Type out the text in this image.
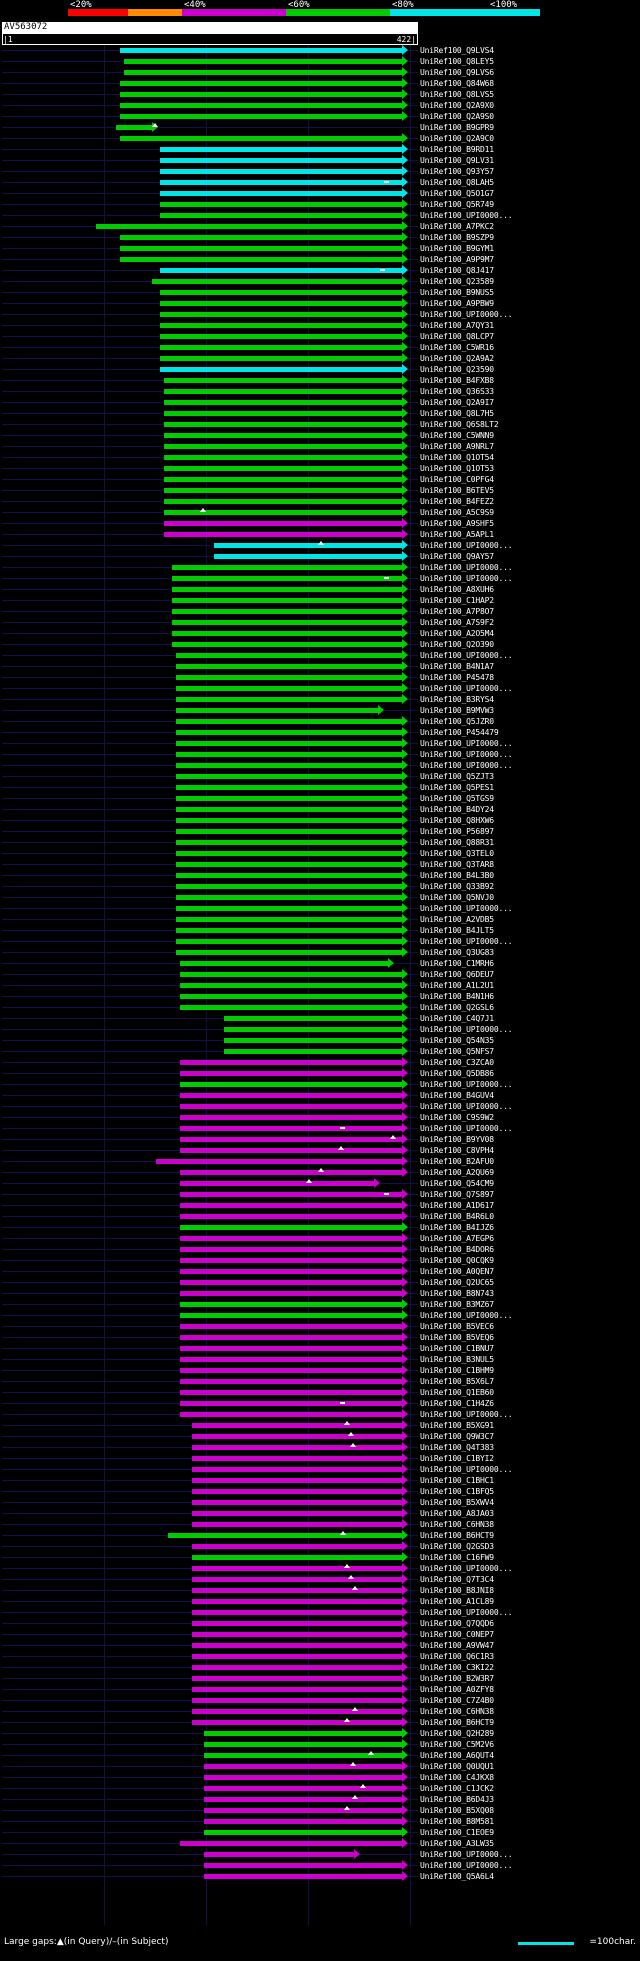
<20%	<40%	<60%	<80%	<100%
AV563072
|1	422|
UniRef100_Q9LVS4
UniRef100_Q8LEY5
UniRef100_Q9LVS6
UniRef100_Q84W68
UniRef100_Q8LVS5
UniRef100_Q2A9X0
UniRef100_Q2A9S0
UniRef100_B9GPR9
UniRef100_Q2A9C0
UniRef100_B9RD11
UniRef100_Q9LV31
UniRef100_Q93Y57
UniRef100_Q8LAH5
UniRef100_Q5O1G7
UniRef100_Q5R749
UniRef100_UPI0000...
UniRef100_A7PKC2
UniRef100_B9SZP9
UniRef100_B9GYM1
UniRef100_A9P9M7
UniRef100_Q8J417
UniRef100_Q23589
UniRef100_B9NUS5
UniRef100_A9PBW9
UniRef100_UPI0000...
UniRef100_A7QY31
UniRef100_Q8LCP7
UniRef100_C5WR16
UniRef100_Q2A9A2
UniRef100_Q23590
UniRef100_B4FXB8
UniRef100_Q36S33
UniRef100_Q2A9I7
UniRef100_Q8L7H5
UniRef100_Q6S8LT2
UniRef100_C5WNN9
UniRef100_A9NRL7
UniRef100_Q1OT54
UniRef100_Q1OT53
UniRef100_C0PFG4
UniRef100_B6TEV5
UniRef100_B4FEZ2
UniRef100_A5C9S9
UniRef100_A9SHF5
UniRef100_A5APL1
UniRef100_UPI0000...
UniRef100_Q9AY57
UniRef100_UPI0000...
UniRef100_UPI0000...
UniRef100_A8XUH6
UniRef100_C1HAP2
UniRef100_A7P8O7
UniRef100_A7S9F2
UniRef100_A2O5M4
UniRef100_Q2O390
UniRef100_UPI0000...
UniRef100_B4N1A7
UniRef100_P45478
UniRef100_UPI0000...
UniRef100_B3RYS4
UniRef100_B9MVW3
UniRef100_Q5JZR0
UniRef100_P454479
UniRef100_UPI0000...
UniRef100_UPI0000...
UniRef100_UPI0000...
UniRef100_Q5ZJT3
UniRef100_Q5PES1
UniRef100_Q5TGS9
UniRef100_B4DY24
UniRef100_Q8HXW6
UniRef100_P56897
UniRef100_Q88R31
UniRef100_Q3TEL0
UniRef100_Q3TAR8
UniRef100_B4L3B0
UniRef100_Q33B92
UniRef100_Q5NVJ0
UniRef100_UPI0000...
UniRef100_A2VDB5
UniRef100_B4JLT5
UniRef100_UPI0000...
UniRef100_Q3UG83
UniRef100_C1MRH6
UniRef100_Q6DEU7
UniRef100_A1L2U1
UniRef100_B4N1H6
UniRef100_Q2GSL6
UniRef100_C4Q7J1
UniRef100_UPI0000...
UniRef100_Q54N35
UniRef100_Q5NFS7
UniRef100_C3ZCA0
UniRef100_Q5DB86
UniRef100_UPI0000...
UniRef100_B4GUV4
UniRef100_UPI0000...
UniRef100_C9S9W2
UniRef100_UPI0000...
UniRef100_B9YV08
UniRef100_C8VPH4
UniRef100_B2AFU0
UniRef100_A2QU69
UniRef100_Q54CM9
UniRef100_Q7S897
UniRef100_A1D617
UniRef100_B4R6L0
UniRef100_B4IJZ6
UniRef100_A7EGP6
UniRef100_B4DOR6
UniRef100_Q0CQK9
UniRef100_A0QEN7
UniRef100_Q2UC65
UniRef100_B8N743
UniRef100_B3MZ67
UniRef100_UPI0000...
UniRef100_B5VEC6
UniRef100_B5VEQ6
UniRef100_C1BNU7
UniRef100_B3NUL5
UniRef100_C1BHM9
UniRef100_B5X6L7
UniRef100_Q1EB60
UniRef100_C1H4Z6
UniRef100_UPI0000...
UniRef100_B5XG91
UniRef100_Q9W3C7
UniRef100_Q4T383
UniRef100_C1BYI2
UniRef100_UPI0000...
UniRef100_C1BHC1
UniRef100_C1BFQ5
UniRef100_B5XWV4
UniRef100_A8JA03
UniRef100_C6HN38
UniRef100_B6HCT9
UniRef100_Q2GSD3
UniRef100_C16FW9
UniRef100_UPI0000...
UniRef100_Q7T3C4
UniRef100_B8JNI8
UniRef100_A1CL89
UniRef100_UPI0000...
UniRef100_Q7QQD6
UniRef100_C0NEP7
UniRef100_A9VW47
UniRef100_Q6C1R3
UniRef100_C3KI22
UniRef100_B2W3R7
UniRef100_A0ZFY8
UniRef100_C7Z4B0
UniRef100_C6HN38
UniRef100_B6HCT9
UniRef100_Q2H289
UniRef100_C5M2V6
UniRef100_A6QUT4
UniRef100_Q0UQU1
UniRef100_C4JKX8
UniRef100_C1JCK2
UniRef100_B6D4J3
UniRef100_B5XQ08
UniRef100_B8M581
UniRef100_C1EOE9
UniRef100_A3LW35
UniRef100_UPI0000...
UniRef100_UPI0000...
UniRef100_Q5A6L4
Large gaps:▲(in Query)/–(in Subject)	=100char.
